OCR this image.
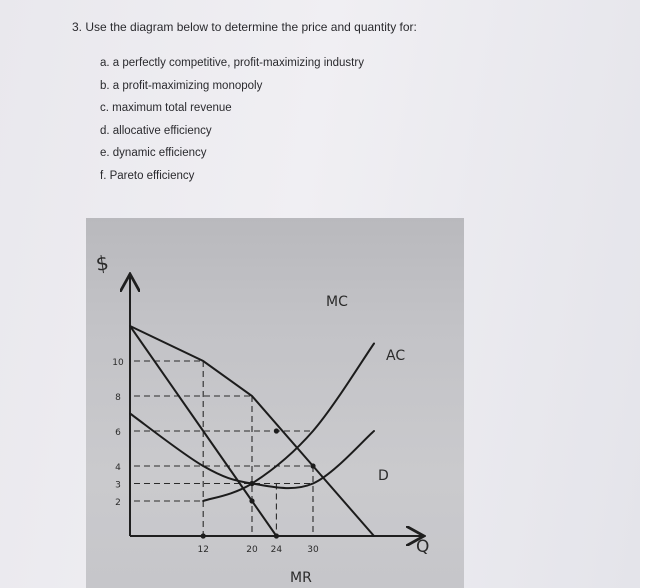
3. Use the diagram below to determine the price and quantity for:

a. a perfectly competitive, profit-maximizing industry
b. a profit-maximizing monopoly
c. maximum total revenue
d. allocative efficiency
e. dynamic efficiency
f. Pareto efficiency
10
8
6
4
3
2
12	20 24	30
$
Q
MC
AC
D
MR
